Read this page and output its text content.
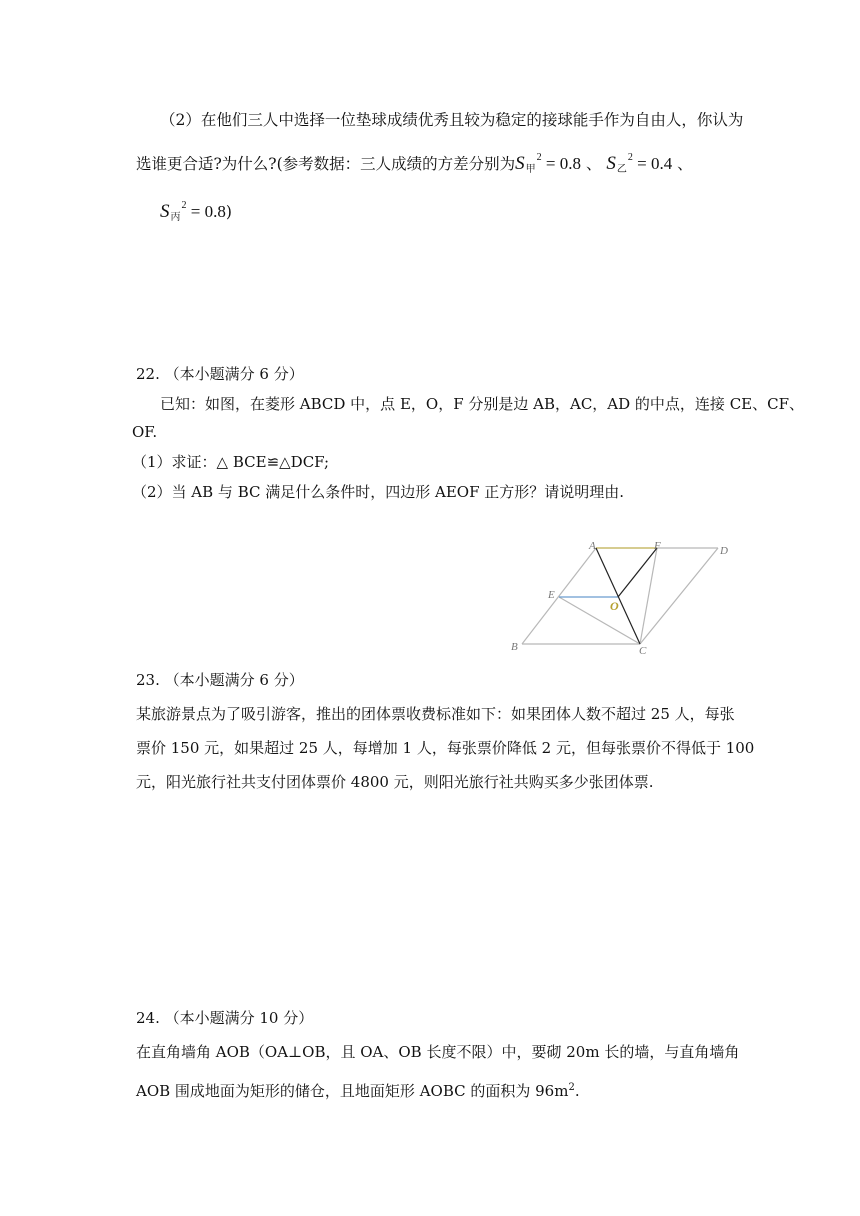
（2）在他们三人中选择一位垫球成绩优秀且较为稳定的接球能手作为自由人，你认为
选谁更合适?为什么?(参考数据：三人成绩的方差分别为$S_甲^2 = 0.8$ 、 $S_乙^2 = 0.4$ 、
$S_丙^2 = 0.8$)
22. （本小题满分 6 分）
已知：如图，在菱形 ABCD 中，点 E，O，F 分别是边 AB，AC，AD 的中点，连接 CE、CF、
OF.
（1）求证：△ BCE≌△DCF;
（2）当 AB 与 BC 满足什么条件时，四边形 AEOF 正方形？请说明理由.
A	F	D
E
O
B	C
23. （本小题满分 6 分）
某旅游景点为了吸引游客，推出的团体票收费标准如下：如果团体人数不超过 25 人，每张
票价 150 元，如果超过 25 人，每增加 1 人，每张票价降低 2 元，但每张票价不得低于 100
元，阳光旅行社共支付团体票价 4800 元，则阳光旅行社共购买多少张团体票.
24. （本小题满分 10 分）
在直角墙角 AOB（OA⊥OB，且 OA、OB 长度不限）中，要砌 20m 长的墙，与直角墙角
AOB 围成地面为矩形的储仓，且地面矩形 AOBC 的面积为 $96m^2$.
